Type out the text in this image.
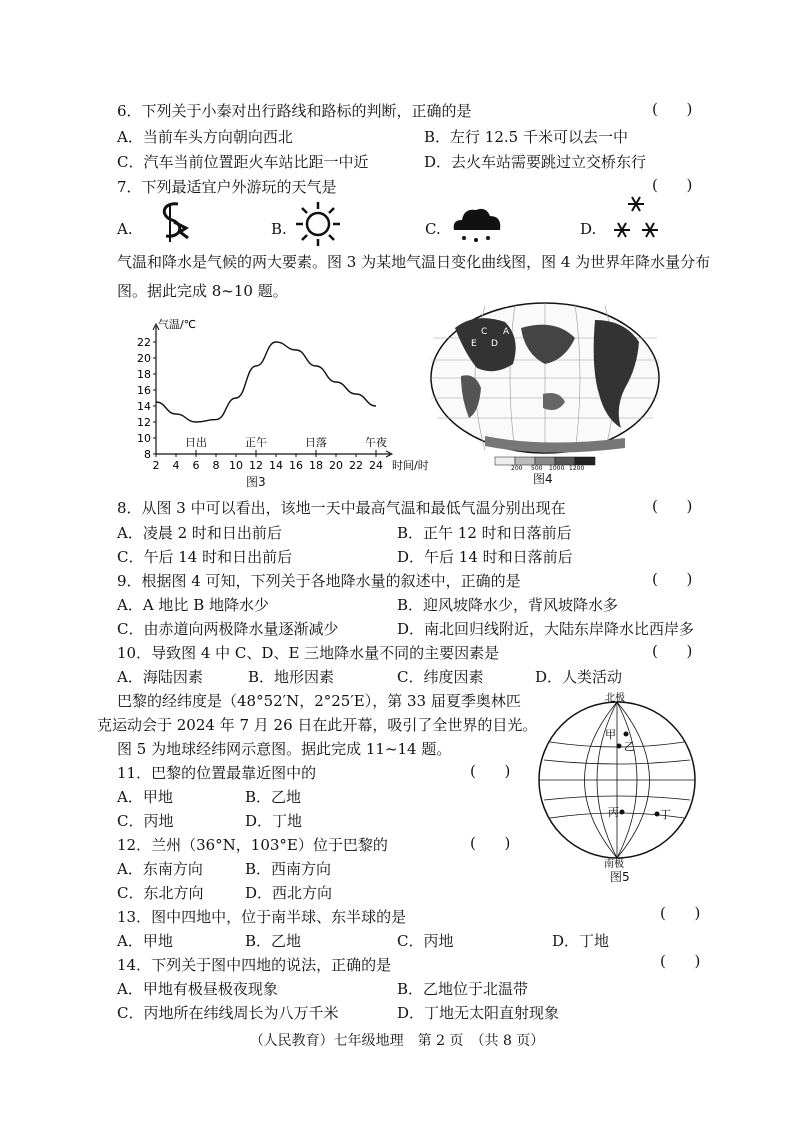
6．下列关于小秦对出行路线和路标的判断，正确的是	(      )
A．当前车头方向朝向西北	B．左行 12.5 千米可以去一中
C．汽车当前位置距火车站比距一中近	D．去火车站需要跳过立交桥东行
7．下列最适宜户外游玩的天气是	(      )
A.	B.	C.	D.
气温和降水是气候的两大要素。图 3 为某地气温日变化曲线图，图 4 为世界年降水量分布图。据此完成 8~10 题。
8
10
12
14
16
18
20
22
2 4 6 8 10 12 14 16 18 20 22 24
气温/℃
时间/时
日出	正午	日落	午夜
图3
A
B
C
D
E
200 500 1000 1200
图4
8．从图 3 中可以看出，该地一天中最高气温和最低气温分别出现在	(      )
A．凌晨 2 时和日出前后	B．正午 12 时和日落前后
C．午后 14 时和日出前后	D．午后 14 时和日落前后
9．根据图 4 可知，下列关于各地降水量的叙述中，正确的是	(      )
A．A 地比 B 地降水少	B．迎风坡降水少，背风坡降水多
C．由赤道向两极降水量逐渐减少	D．南北回归线附近，大陆东岸降水比西岸多
10．导致图 4 中 C、D、E 三地降水量不同的主要因素是	(      )
A．海陆因素	B．地形因素	C．纬度因素	D．人类活动
巴黎的经纬度是（48°52′N，2°25′E），第 33 届夏季奥林匹
克运动会于 2024 年 7 月 26 日在此开幕，吸引了全世界的目光。
图 5 为地球经纬网示意图。据此完成 11~14 题。
北极
南极
甲
乙
丙	丁
图5
11．巴黎的位置最靠近图中的	(      )
A．甲地	B．乙地
C．丙地	D．丁地
12．兰州（36°N，103°E）位于巴黎的	(      )
A．东南方向	B．西南方向
C．东北方向	D．西北方向
13．图中四地中，位于南半球、东半球的是	(      )
A．甲地	B．乙地	C．丙地	D．丁地
14．下列关于图中四地的说法，正确的是	(      )
A．甲地有极昼极夜现象	B．乙地位于北温带
C．丙地所在纬线周长为八万千米	D．丁地无太阳直射现象
（人民教育）七年级地理　第 2 页　（共 8 页）
